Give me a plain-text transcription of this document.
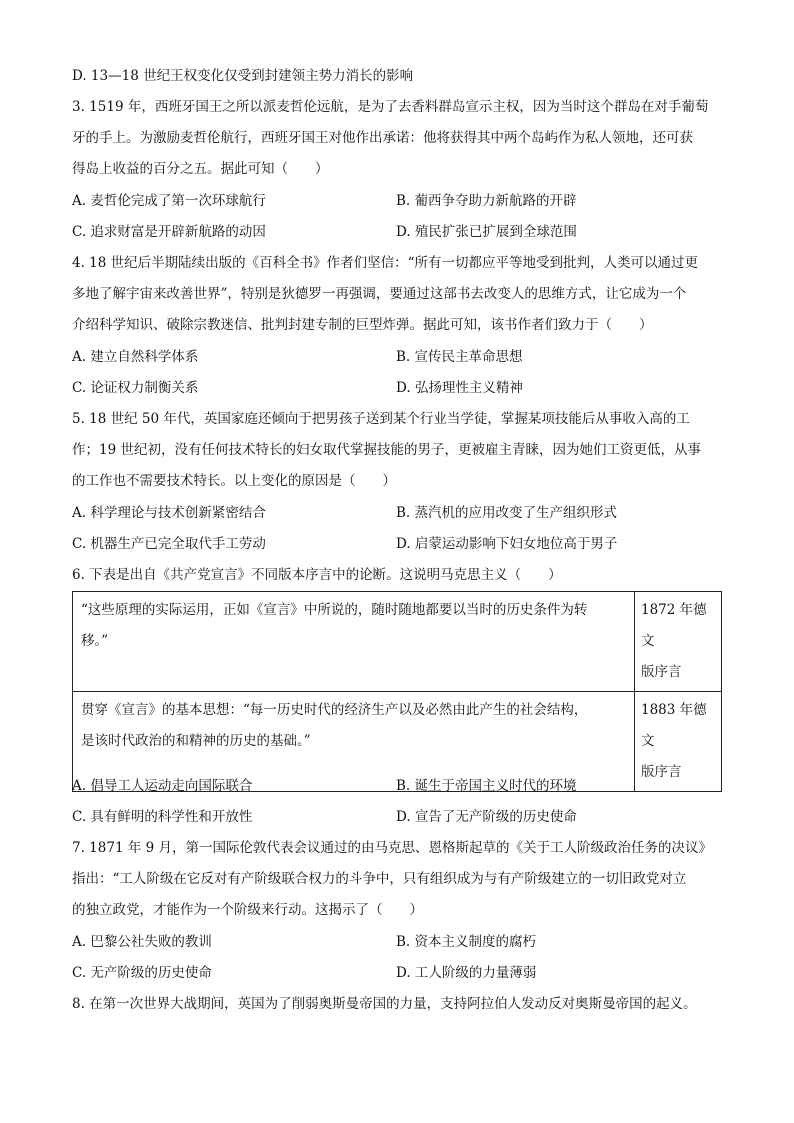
D. 13—18 世纪王权变化仅受到封建领主势力消长的影响
3. 1519 年，西班牙国王之所以派麦哲伦远航，是为了去香料群岛宣示主权，因为当时这个群岛在对手葡萄
牙的手上。为激励麦哲伦航行，西班牙国王对他作出承诺：他将获得其中两个岛屿作为私人领地，还可获
得岛上收益的百分之五。据此可知（　　）
A. 麦哲伦完成了第一次环球航行	B. 葡西争夺助力新航路的开辟
C. 追求财富是开辟新航路的动因	D. 殖民扩张已扩展到全球范围
4. 18 世纪后半期陆续出版的《百科全书》作者们坚信：“所有一切都应平等地受到批判，人类可以通过更
多地了解宇宙来改善世界”，特别是狄德罗一再强调，要通过这部书去改变人的思维方式，让它成为一个
介绍科学知识、破除宗教迷信、批判封建专制的巨型炸弹。据此可知，该书作者们致力于（　　）
A. 建立自然科学体系	B. 宣传民主革命思想
C. 论证权力制衡关系	D. 弘扬理性主义精神
5. 18 世纪 50 年代，英国家庭还倾向于把男孩子送到某个行业当学徒，掌握某项技能后从事收入高的工
作；19 世纪初，没有任何技术特长的妇女取代掌握技能的男子，更被雇主青睐，因为她们工资更低，从事
的工作也不需要技术特长。以上变化的原因是（　　）
A. 科学理论与技术创新紧密结合	B. 蒸汽机的应用改变了生产组织形式
C. 机器生产已完全取代手工劳动	D. 启蒙运动影响下妇女地位高于男子
6. 下表是出自《共产党宣言》不同版本序言中的论断。这说明马克思主义（　　）
“这些原理的实际运用，正如《宣言》中所说的，随时随地都要以当时的历史条件为转
移。”	1872 年德文
版序言

贯穿《宣言》的基本思想：“每一历史时代的经济生产以及必然由此产生的社会结构，
是该时代政治的和精神的历史的基础。”	1883 年德文
版序言
A. 倡导工人运动走向国际联合	B. 诞生于帝国主义时代的环境
C. 具有鲜明的科学性和开放性	D. 宣告了无产阶级的历史使命
7. 1871 年 9 月，第一国际伦敦代表会议通过的由马克思、恩格斯起草的《关于工人阶级政治任务的决议》
指出：“工人阶级在它反对有产阶级联合权力的斗争中，只有组织成为与有产阶级建立的一切旧政党对立
的独立政党，才能作为一个阶级来行动。这揭示了（　　）
A. 巴黎公社失败的教训	B. 资本主义制度的腐朽
C. 无产阶级的历史使命	D. 工人阶级的力量薄弱
8. 在第一次世界大战期间，英国为了削弱奥斯曼帝国的力量，支持阿拉伯人发动反对奥斯曼帝国的起义。
